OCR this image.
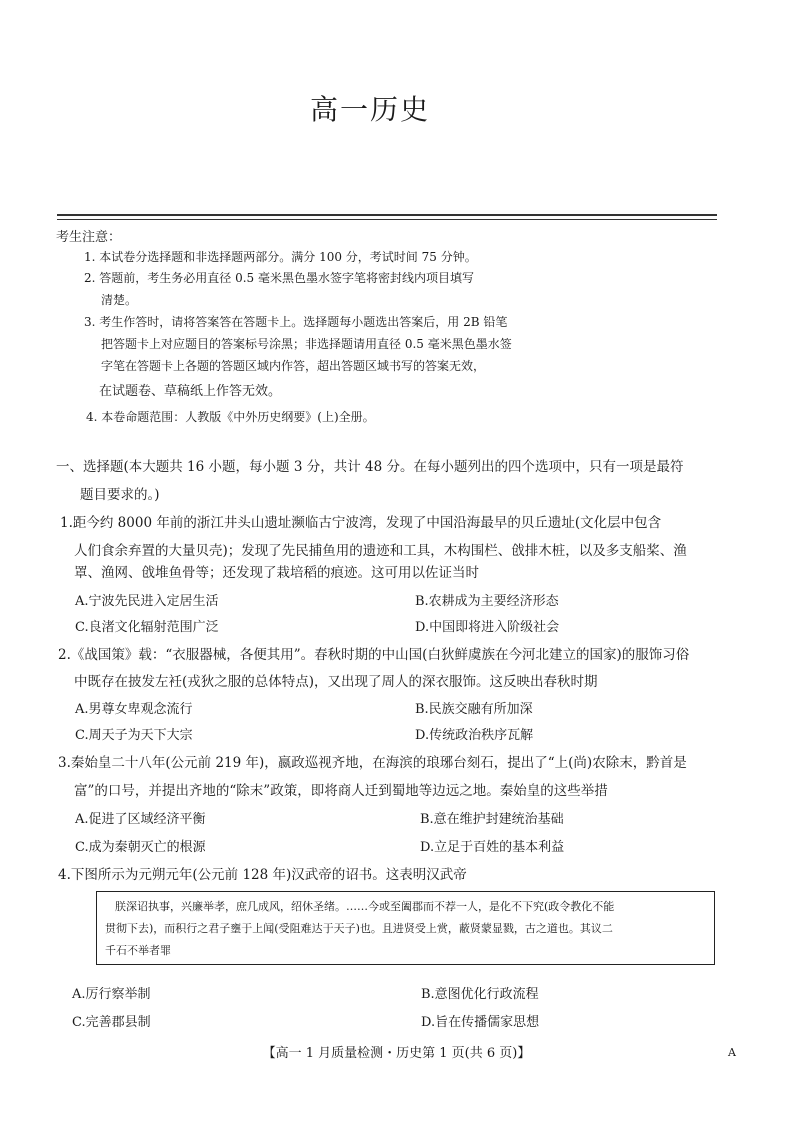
高一历史
考生注意：
1. 本试卷分选择题和非选择题两部分。满分 100 分，考试时间 75 分钟。
2. 答题前，考生务必用直径 0.5 毫米黑色墨水签字笔将密封线内项目填写
清楚。
3. 考生作答时，请将答案答在答题卡上。选择题每小题选出答案后，用 2B 铅笔
把答题卡上对应题目的答案标号涂黑；非选择题请用直径 0.5 毫米黑色墨水签
字笔在答题卡上各题的答题区域内作答，超出答题区域书写的答案无效，
在试题卷、草稿纸上作答无效。
4. 本卷命题范围：人教版《中外历史纲要》(上)全册。
一、选择题(本大题共 16 小题，每小题 3 分，共计 48 分。在每小题列出的四个选项中，只有一项是最符
题目要求的。)
1.距今约 8000 年前的浙江井头山遗址濒临古宁波湾，发现了中国沿海最早的贝丘遗址(文化层中包含
人们食余弃置的大量贝壳)；发现了先民捕鱼用的遗迹和工具，木构围栏、戗排木桩，以及多支船桨、渔
罩、渔网、戗堆鱼骨等；还发现了栽培稻的痕迹。这可用以佐证当时
A.宁波先民进入定居生活	B.农耕成为主要经济形态
C.良渚文化辐射范围广泛	D.中国即将进入阶级社会
2.《战国策》载：“衣服器械，各便其用”。春秋时期的中山国(白狄鲜虞族在今河北建立的国家)的服饰习俗
中既存在披发左衽(戎狄之服的总体特点)，又出现了周人的深衣服饰。这反映出春秋时期
A.男尊女卑观念流行	B.民族交融有所加深
C.周天子为天下大宗	D.传统政治秩序瓦解
3.秦始皇二十八年(公元前 219 年)，嬴政巡视齐地，在海滨的琅琊台刻石，提出了“上(尚)农除末，黔首是
富”的口号，并提出齐地的“除末”政策，即将商人迁到蜀地等边远之地。秦始皇的这些举措
A.促进了区域经济平衡	B.意在维护封建统治基础
C.成为秦朝灭亡的根源	D.立足于百姓的基本利益
4.下图所示为元朔元年(公元前 128 年)汉武帝的诏书。这表明汉武帝
朕深诏执事，兴廉举孝，庶几成风，绍休圣绪。……今或至阖郡而不荐一人，是化不下究(政令教化不能
贯彻下去)，而积行之君子壅于上闻(受阻难达于天子)也。且进贤受上赏，蔽贤蒙显戮，古之道也。其议二
千石不举者罪
A.厉行察举制	B.意图优化行政流程
C.完善郡县制	D.旨在传播儒家思想
【高一 1 月质量检测・历史第 1 页(共 6 页)】	A
